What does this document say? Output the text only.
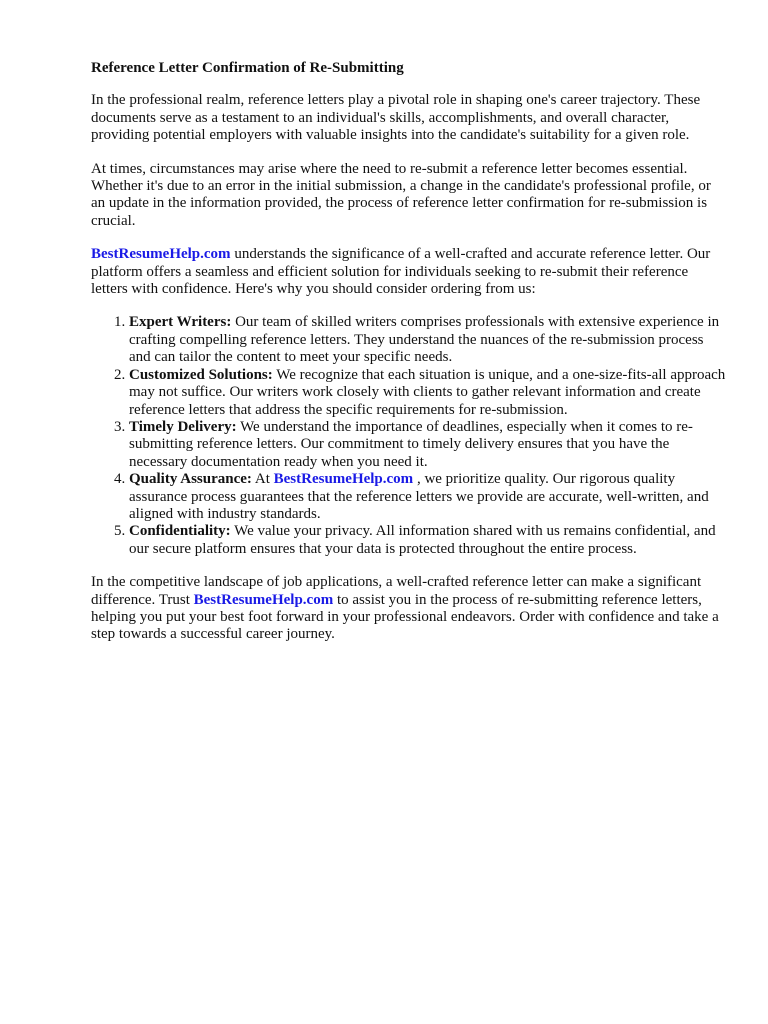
Reference Letter Confirmation of Re-Submitting

In the professional realm, reference letters play a pivotal role in shaping one's career trajectory. These documents serve as a testament to an individual's skills, accomplishments, and overall character, providing potential employers with valuable insights into the candidate's suitability for a given role.

At times, circumstances may arise where the need to re-submit a reference letter becomes essential. Whether it's due to an error in the initial submission, a change in the candidate's professional profile, or an update in the information provided, the process of reference letter confirmation for re-submission is crucial.

BestResumeHelp.com understands the significance of a well-crafted and accurate reference letter. Our platform offers a seamless and efficient solution for individuals seeking to re-submit their reference letters with confidence. Here's why you should consider ordering from us:

1. Expert Writers: Our team of skilled writers comprises professionals with extensive experience in crafting compelling reference letters. They understand the nuances of the re-submission process and can tailor the content to meet your specific needs.
2. Customized Solutions: We recognize that each situation is unique, and a one-size-fits-all approach may not suffice. Our writers work closely with clients to gather relevant information and create reference letters that address the specific requirements for re-submission.
3. Timely Delivery: We understand the importance of deadlines, especially when it comes to re-submitting reference letters. Our commitment to timely delivery ensures that you have the necessary documentation ready when you need it.
4. Quality Assurance: At BestResumeHelp.com , we prioritize quality. Our rigorous quality assurance process guarantees that the reference letters we provide are accurate, well-written, and aligned with industry standards.
5. Confidentiality: We value your privacy. All information shared with us remains confidential, and our secure platform ensures that your data is protected throughout the entire process.

In the competitive landscape of job applications, a well-crafted reference letter can make a significant difference. Trust BestResumeHelp.com to assist you in the process of re-submitting reference letters, helping you put your best foot forward in your professional endeavors. Order with confidence and take a step towards a successful career journey.
